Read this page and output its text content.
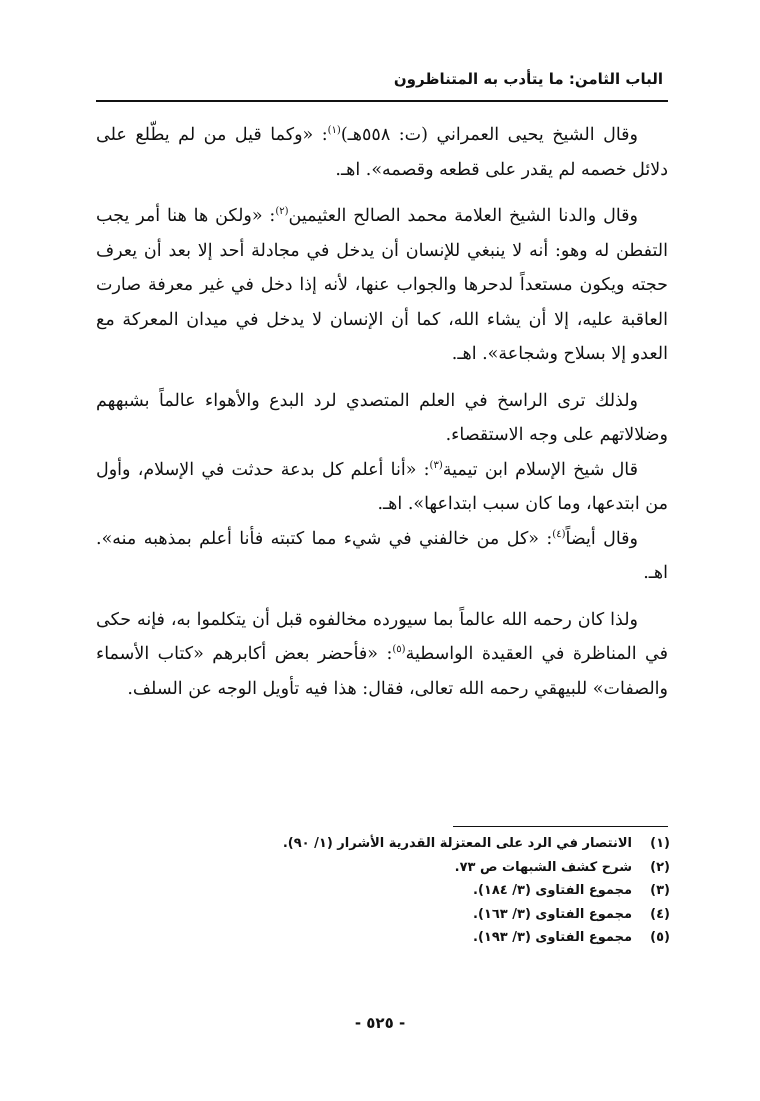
الباب الثامن: ما يتأدب به المتناظرون

وقال الشيخ يحيى العمراني (ت: ٥٥٨هـ)$^{(١)}$: «وكما قيل من لم يطّلع على دلائل خصمه لم يقدر على قطعه وقصمه». اهـ.

وقال والدنا الشيخ العلامة محمد الصالح العثيمين$^{(٢)}$: «ولكن ها هنا أمر يجب التفطن له وهو: أنه لا ينبغي للإنسان أن يدخل في مجادلة أحد إلا بعد أن يعرف حجته ويكون مستعداً لدحرها والجواب عنها، لأنه إذا دخل في غير معرفة صارت العاقبة عليه، إلا أن يشاء الله، كما أن الإنسان لا يدخل في ميدان المعركة مع العدو إلا بسلاح وشجاعة». اهـ.

ولذلك ترى الراسخ في العلم المتصدي لرد البدع والأهواء عالماً بشبههم وضلالاتهم على وجه الاستقصاء.

قال شيخ الإسلام ابن تيمية$^{(٣)}$: «أنا أعلم كل بدعة حدثت في الإسلام، وأول من ابتدعها، وما كان سبب ابتداعها». اهـ.

وقال أيضاً$^{(٤)}$: «كل من خالفني في شيء مما كتبته فأنا أعلم بمذهبه منه». اهـ.

ولذا كان رحمه الله عالماً بما سيورده مخالفوه قبل أن يتكلموا به، فإنه حكى في المناظرة في العقيدة الواسطية$^{(٥)}$: «فأحضر بعض أكابرهم «كتاب الأسماء والصفات» للبيهقي رحمه الله تعالى، فقال: هذا فيه تأويل الوجه عن السلف.

(١)
الانتصار في الرد على المعتزلة القدرية الأشرار (١/ ٩٠).
(٢)
شرح كشف الشبهات ص ٧٣.
(٣)
مجموع الفتاوى (٣/ ١٨٤).
(٤)
مجموع الفتاوى (٣/ ١٦٣).
(٥)
مجموع الفتاوى (٣/ ١٩٣).
- ٥٢٥ -
